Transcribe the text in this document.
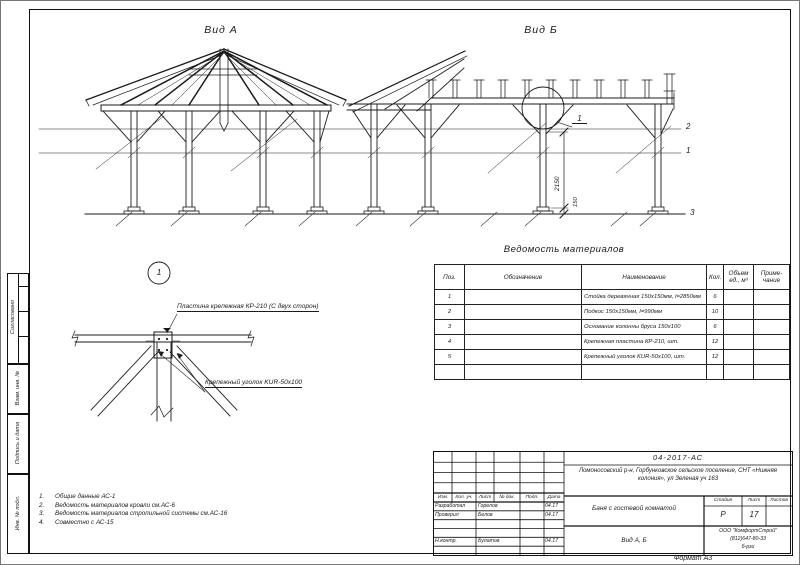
Вид А	Вид Б
2
1
3
2150
150
1
1
Пластина крепежная КР-210 (С двух сторон)
Крепежный уголок KUR-50x100
Ведомость материалов
Поз.	Обозначение	Наименование	Кол.	Объем ед., м³	Приме- чание
1		Стойка деревянная 150х150мм, l=2850мм	6		
2		Подкос 150х150мм, l=990мм	10		
3		Основание колонны бруса 150х100	6		
4		Крепежная пластина КР-210, шт.	12		
5		Крепежный уголок KUR-50х100, шт.	12		

1. Общие данные АС-1
2. Ведомость материалов кровли см.АС-6
3. Ведомость материалов стропильной системы см.АС-16
4. Совместно с АС-15
Согласовано
Взам. инв. №
Подпись и дата
Инв. № подл.
04-2017-АС
Ломоносовский р-н, Горбунковское сельское поселение, СНТ «Нижняя колония», ул Зеленая уч 163
Изм.	Кол. уч.	Лист	№ док.	Подп.	Дата
Разработал	Горелов	04.17
Проверил	Белов	04.17
Н.контр.	Булатов	04.17
Баня с гостевой комнатой
Вид А, Б
Стадия	Лист	Листов
Р	17
ООО "КомфортСтрой"
(812)647-80-33
б-рзи
Формат А3
